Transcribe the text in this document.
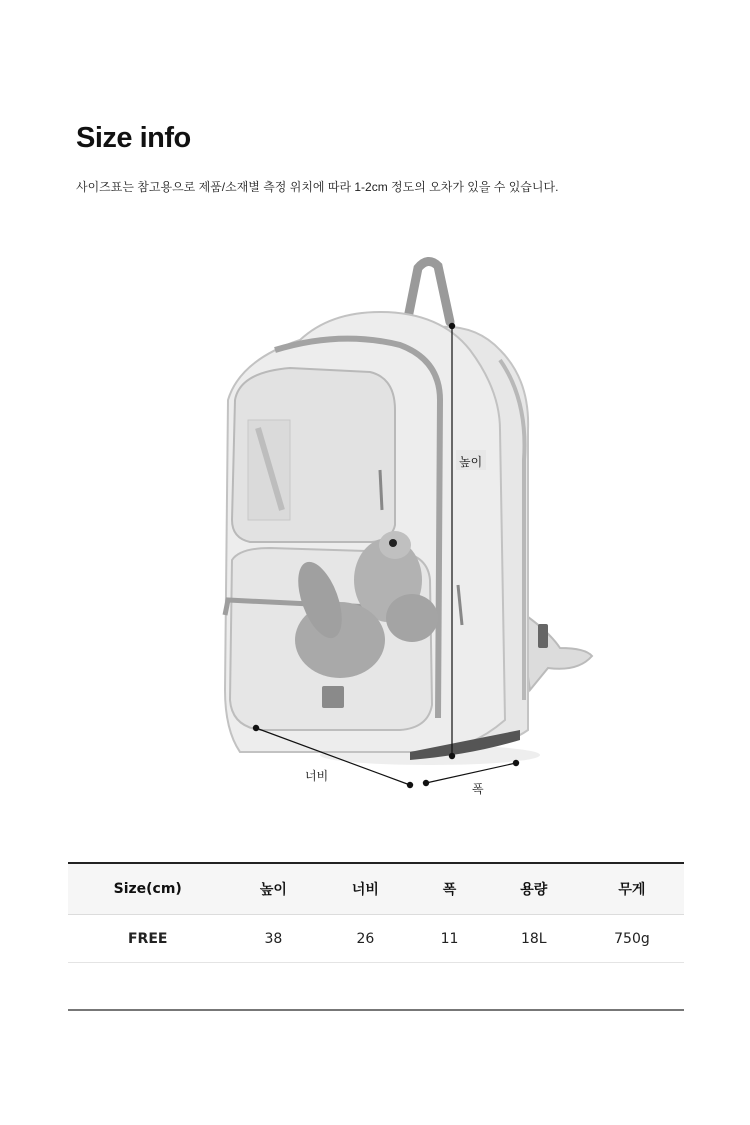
Size info
사이즈표는 참고용으로 제품/소재별 측정 위치에 따라 1-2cm 정도의 오차가 있을 수 있습니다.
높이
너비
폭
Size(cm)	높이	너비	폭	용량	무게
FREE	38	26	11	18L	750g
